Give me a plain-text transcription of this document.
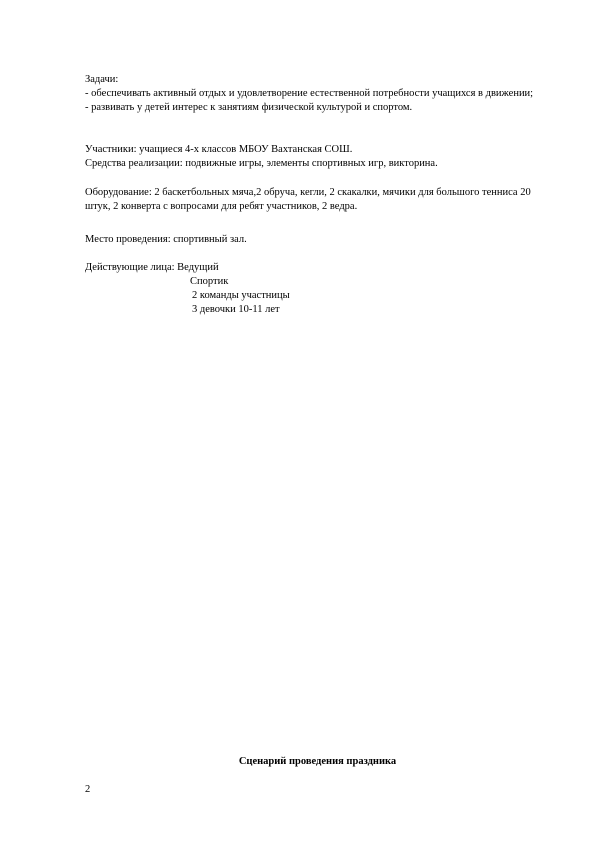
Задачи:
- обеспечивать активный отдых и удовлетворение естественной потребности учащихся в движении;
- развивать у детей интерес к занятиям физической культурой и спортом.
Участники: учащиеся 4-х классов МБОУ Вахтанская СОШ.
Средства реализации: подвижные игры, элементы спортивных игр, викторина.
Оборудование: 2 баскетбольных мяча,2 обруча, кегли, 2 скакалки, мячики для большого тенниса 20 штук, 2 конверта с вопросами для ребят участников, 2 ведра.
Место проведения: спортивный зал.
Действующие лица: Ведущий
Спортик
2 команды участницы
3 девочки 10-11 лет
Сценарий проведения праздника
2
